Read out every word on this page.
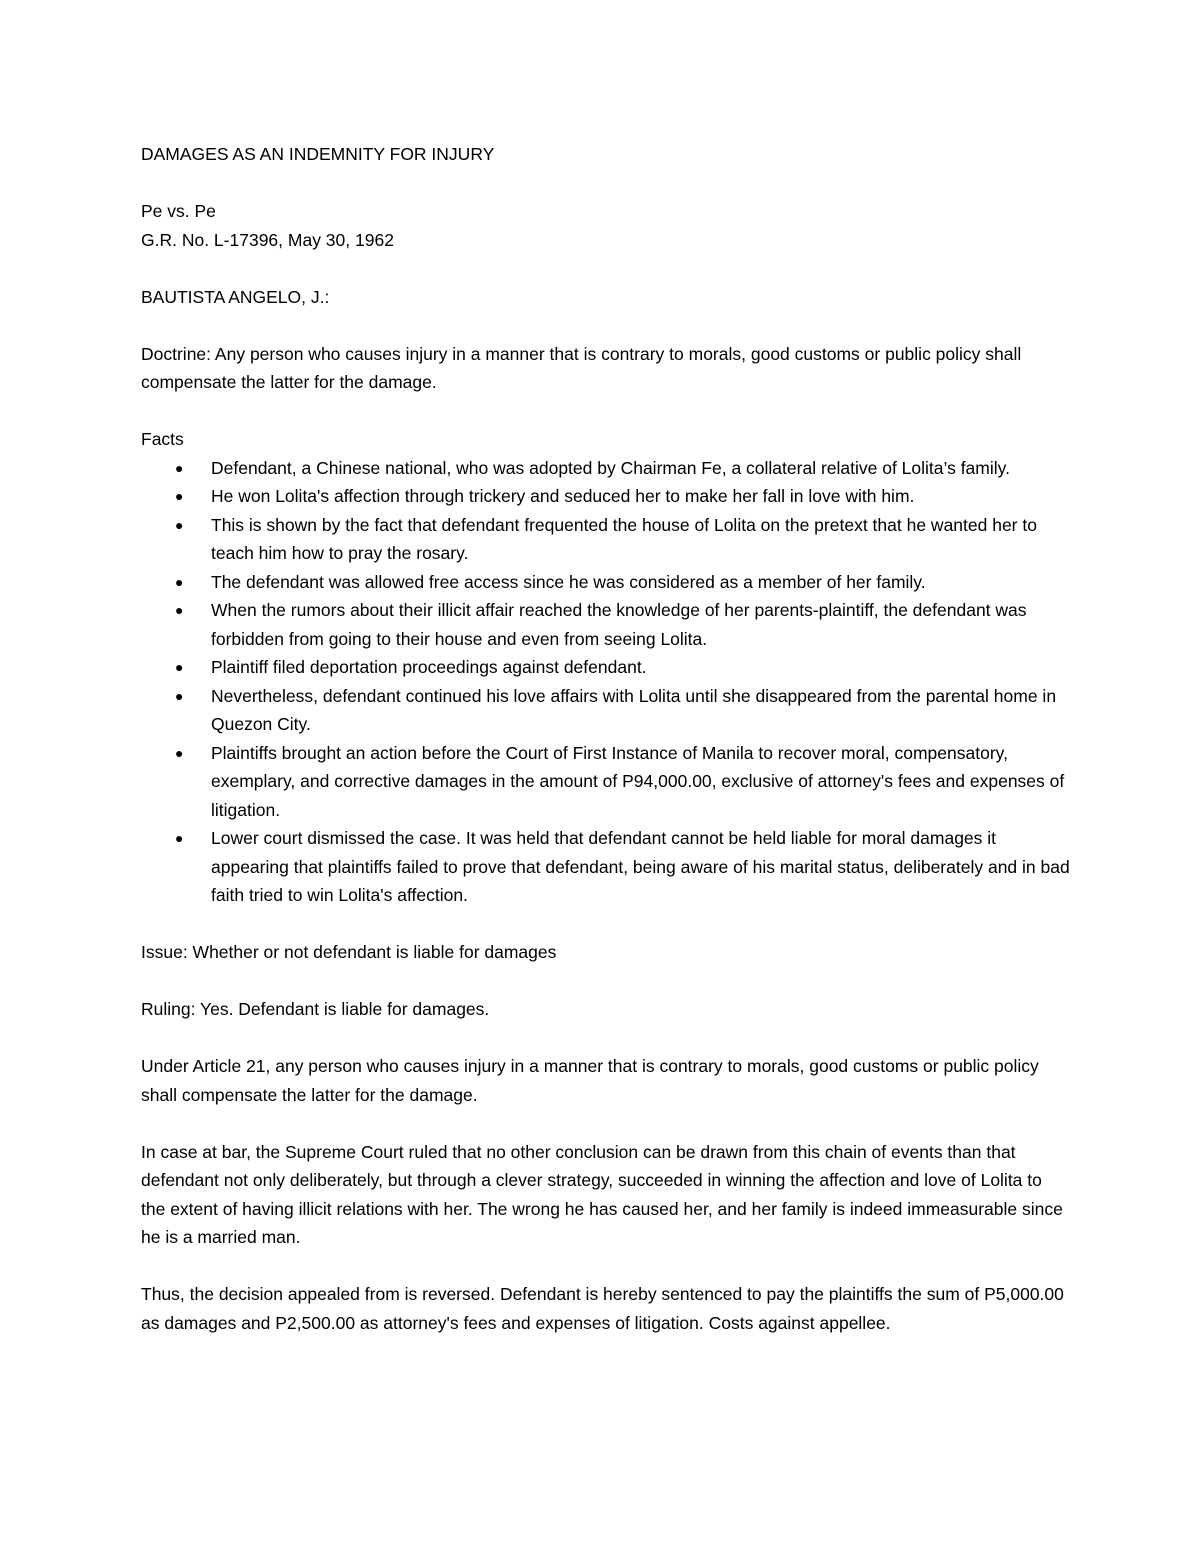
DAMAGES AS AN INDEMNITY FOR INJURY
Pe vs. Pe
G.R. No. L-17396, May 30, 1962
BAUTISTA ANGELO, J.:
Doctrine: Any person who causes injury in a manner that is contrary to morals, good customs or public policy shall compensate the latter for the damage.
Facts
● Defendant, a Chinese national, who was adopted by Chairman Fe, a collateral relative of Lolita’s family.
● He won Lolita's affection through trickery and seduced her to make her fall in love with him.
● This is shown by the fact that defendant frequented the house of Lolita on the pretext that he wanted her to teach him how to pray the rosary.
● The defendant was allowed free access since he was considered as a member of her family.
● When the rumors about their illicit affair reached the knowledge of her parents-plaintiff, the defendant was forbidden from going to their house and even from seeing Lolita.
● Plaintiff filed deportation proceedings against defendant.
● Nevertheless, defendant continued his love affairs with Lolita until she disappeared from the parental home in Quezon City.
● Plaintiffs brought an action before the Court of First Instance of Manila to recover moral, compensatory, exemplary, and corrective damages in the amount of P94,000.00, exclusive of attorney's fees and expenses of litigation.
● Lower court dismissed the case. It was held that defendant cannot be held liable for moral damages it appearing that plaintiffs failed to prove that defendant, being aware of his marital status, deliberately and in bad faith tried to win Lolita's affection.
Issue: Whether or not defendant is liable for damages
Ruling: Yes. Defendant is liable for damages.
Under Article 21, any person who causes injury in a manner that is contrary to morals, good customs or public policy shall compensate the latter for the damage.
In case at bar, the Supreme Court ruled that no other conclusion can be drawn from this chain of events than that defendant not only deliberately, but through a clever strategy, succeeded in winning the affection and love of Lolita to the extent of having illicit relations with her. The wrong he has caused her, and her family is indeed immeasurable since he is a married man.
Thus, the decision appealed from is reversed. Defendant is hereby sentenced to pay the plaintiffs the sum of P5,000.00 as damages and P2,500.00 as attorney's fees and expenses of litigation. Costs against appellee.
